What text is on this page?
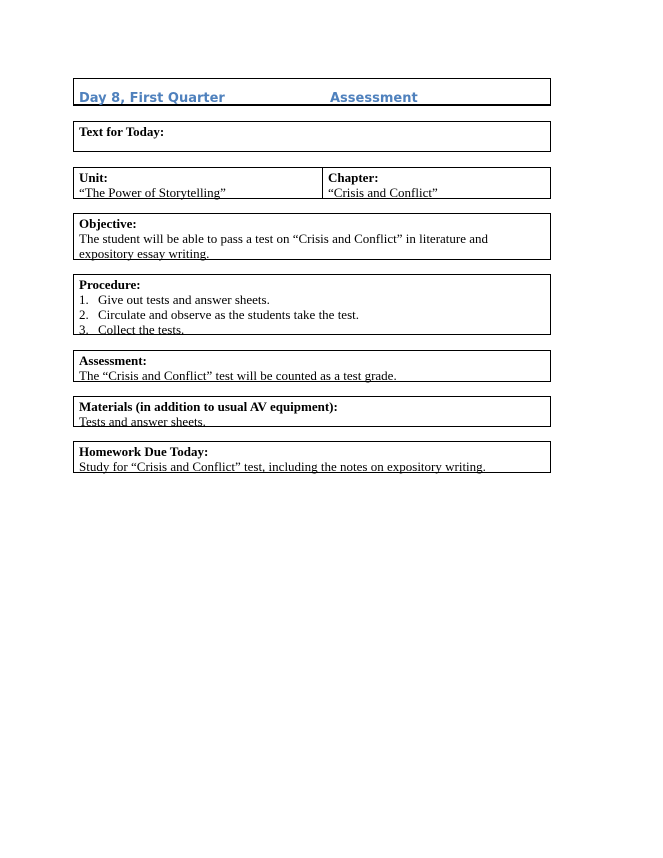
Day 8, First Quarter	Assessment
Text for Today:
Unit:
“The Power of Storytelling”
Chapter:
“Crisis and Conflict”
Objective:
The student will be able to pass a test on “Crisis and Conflict” in literature and expository essay writing.
Procedure:
1. Give out tests and answer sheets.
2. Circulate and observe as the students take the test.
3. Collect the tests.
Assessment:
The “Crisis and Conflict” test will be counted as a test grade.
Materials (in addition to usual AV equipment):
Tests and answer sheets.
Homework Due Today:
Study for “Crisis and Conflict” test, including the notes on expository writing.
